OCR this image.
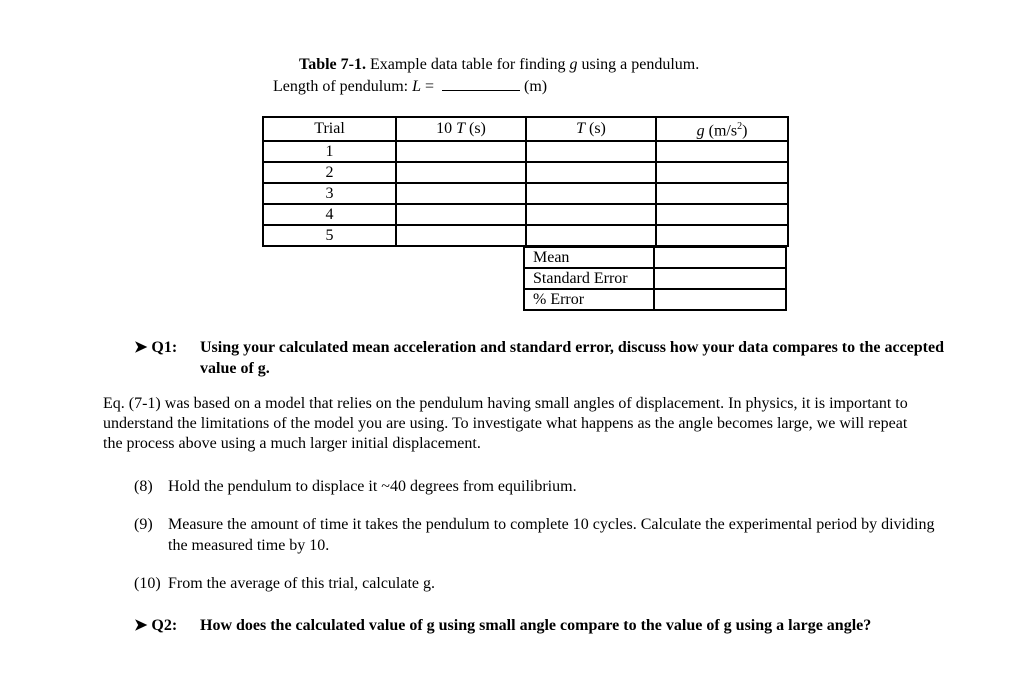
Table 7-1. Example data table for finding g using a pendulum.
Length of pendulum: L =	(m)
Trial	10 T (s)	T (s)	g $(m/s^2)$
1			
2			
3			
4			
5			
Mean	
Standard Error	
% Error	
➤ Q1: Using your calculated mean acceleration and standard error, discuss how your data compares to the accepted value of g.
Eq. (7-1) was based on a model that relies on the pendulum having small angles of displacement. In physics, it is important to understand the limitations of the model you are using. To investigate what happens as the angle becomes large, we will repeat the process above using a much larger initial displacement.
(8) Hold the pendulum to displace it ~40 degrees from equilibrium.
(9) Measure the amount of time it takes the pendulum to complete 10 cycles. Calculate the experimental period by dividing the measured time by 10.
(10) From the average of this trial, calculate g.
➤ Q2: How does the calculated value of g using small angle compare to the value of g using a large angle?
